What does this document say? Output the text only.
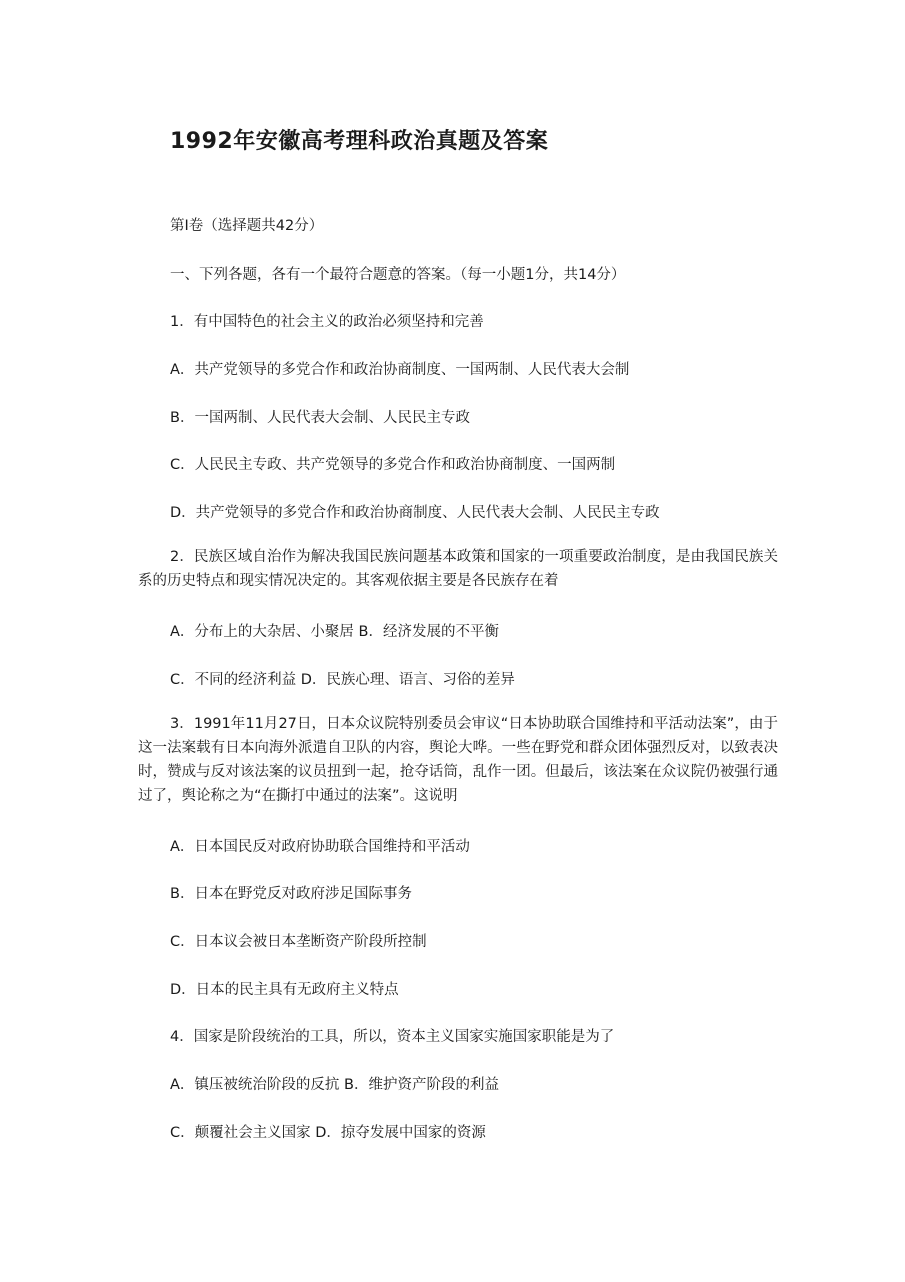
1992年安徽高考理科政治真题及答案
第I卷（选择题共42分）
一、下列各题，各有一个最符合题意的答案。（每一小题1分，共14分）
1．有中国特色的社会主义的政治必须坚持和完善
A．共产党领导的多党合作和政治协商制度、一国两制、人民代表大会制
B．一国两制、人民代表大会制、人民民主专政
C．人民民主专政、共产党领导的多党合作和政治协商制度、一国两制
D．共产党领导的多党合作和政治协商制度、人民代表大会制、人民民主专政
2．民族区域自治作为解决我国民族问题基本政策和国家的一项重要政治制度，是由我国民族关系的历史特点和现实情况决定的。其客观依据主要是各民族存在着
A．分布上的大杂居、小聚居 B．经济发展的不平衡
C．不同的经济利益 D．民族心理、语言、习俗的差异
3．1991年11月27日，日本众议院特别委员会审议“日本协助联合国维持和平活动法案”，由于这一法案载有日本向海外派遣自卫队的内容，舆论大哗。一些在野党和群众团体强烈反对，以致表决时，赞成与反对该法案的议员扭到一起，抢夺话筒，乱作一团。但最后，该法案在众议院仍被强行通过了，舆论称之为“在撕打中通过的法案”。这说明
A．日本国民反对政府协助联合国维持和平活动
B．日本在野党反对政府涉足国际事务
C．日本议会被日本垄断资产阶段所控制
D．日本的民主具有无政府主义特点
4．国家是阶段统治的工具，所以，资本主义国家实施国家职能是为了
A．镇压被统治阶段的反抗 B．维护资产阶段的利益
C．颠覆社会主义国家 D．掠夺发展中国家的资源
